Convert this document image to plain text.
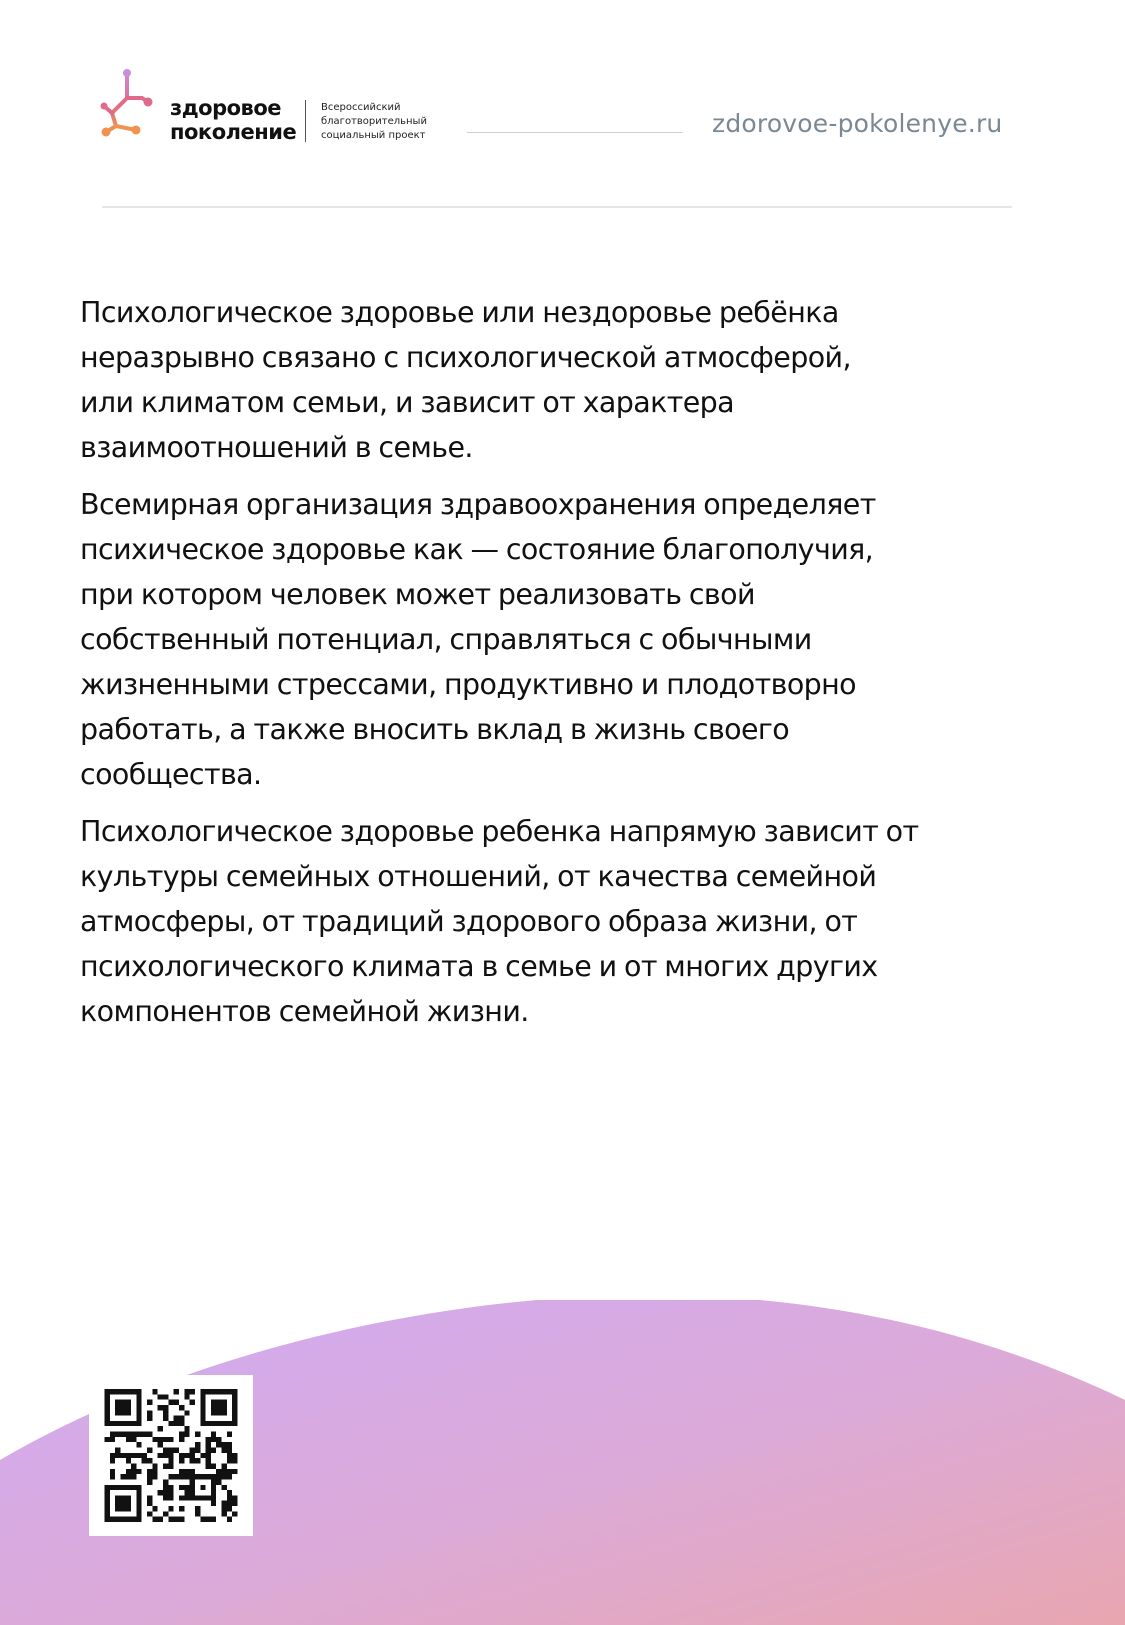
здоровое
поколение
Всероссийский
благотворительный
социальный проект	zdorovoe-pokolenye.ru

Психологическое здоровье или нездоровье ребёнка
неразрывно связано с психологической атмосферой,
или климатом семьи, и зависит от характера
взаимоотношений в семье.

Всемирная организация здравоохранения определяет
психическое здоровье как — состояние благополучия,
при котором человек может реализовать свой
собственный потенциал, справляться с обычными
жизненными стрессами, продуктивно и плодотворно
работать, а также вносить вклад в жизнь своего
сообщества.

Психологическое здоровье ребенка напрямую зависит от
культуры семейных отношений, от качества семейной
атмосферы, от традиций здорового образа жизни, от
психологического климата в семье и от многих других
компонентов семейной жизни.
